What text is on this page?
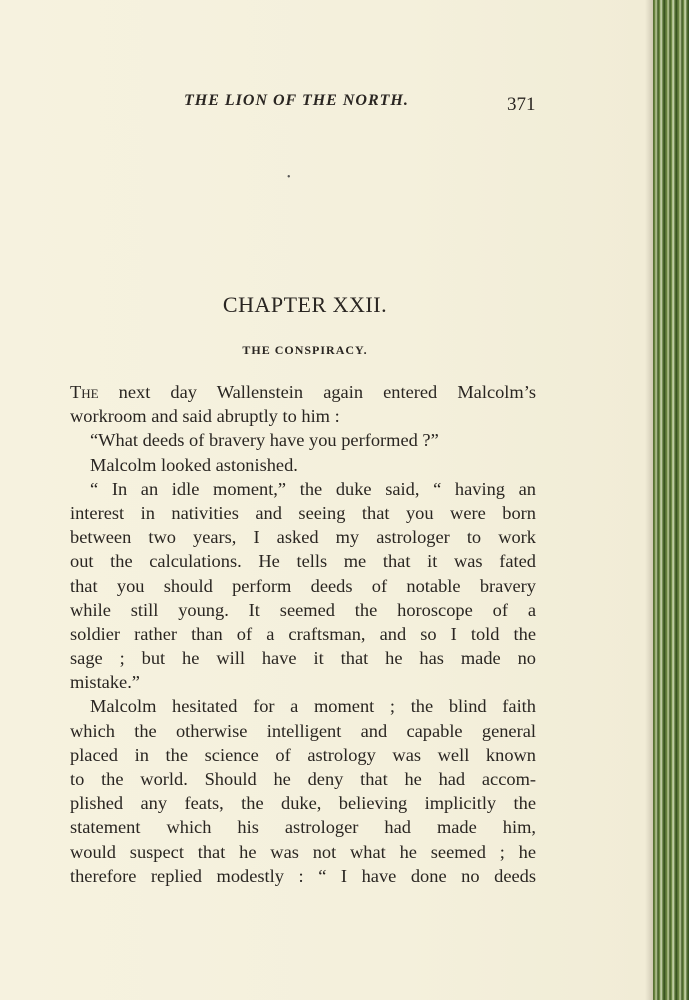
THE LION OF THE NORTH.	371
•
CHAPTER XXII.
THE CONSPIRACY.
The next day Wallenstein again entered Malcolm’s
workroom and said abruptly to him :
“What deeds of bravery have you performed ?”
Malcolm looked astonished.
“ In an idle moment,” the duke said, “ having an
interest in nativities and seeing that you were born
between two years, I asked my astrologer to work
out the calculations. He tells me that it was fated
that you should perform deeds of notable bravery
while still young. It seemed the horoscope of a
soldier rather than of a craftsman, and so I told the
sage ; but he will have it that he has made no
mistake.”
Malcolm hesitated for a moment ; the blind faith
which the otherwise intelligent and capable general
placed in the science of astrology was well known
to the world. Should he deny that he had accom-
plished any feats, the duke, believing implicitly the
statement which his astrologer had made him,
would suspect that he was not what he seemed ; he
therefore replied modestly : “ I have done no deeds
